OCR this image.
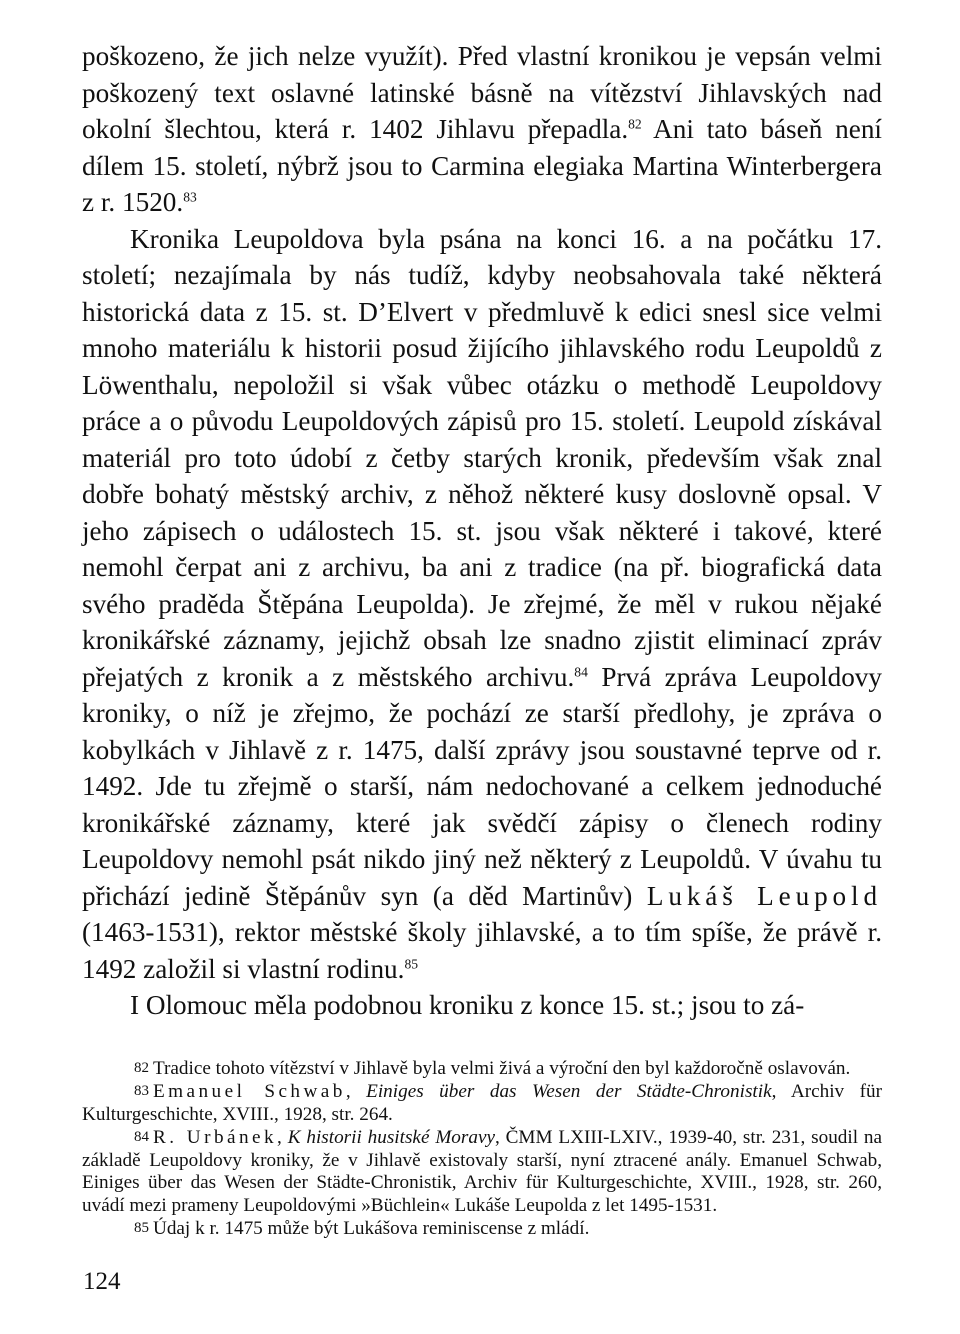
poškozeno, že jich nelze využít). Před vlastní kronikou je vepsán velmi poškozený text oslavné latinské básně na vítězství Jihlavských nad okolní šlechtou, která r. 1402 Jihlavu přepadla.$^{82}$ Ani tato báseň není dílem 15. století, nýbrž jsou to Carmina elegiaka Martina Winterbergera z r. 1520.83

Kronika Leupoldova byla psána na konci 16. a na počátku 17. století; nezajímala by nás tudíž, kdyby neobsahovala také některá historická data z 15. st. D’Elvert v předmluvě k edici snesl sice velmi mnoho materiálu k historii posud žijícího jihlavského rodu Leupoldů z Löwenthalu, nepoložil si však vůbec otázku o methodě Leupoldovy práce a o původu Leupoldových zápisů pro 15. století. Leupold získával materiál pro toto údobí z četby starých kronik, především však znal dobře bohatý městský archiv, z něhož některé kusy doslovně opsal. V jeho zápisech o událostech 15. st. jsou však některé i takové, které nemohl čerpat ani z archivu, ba ani z tradice (na př. biografická data svého praděda Štěpána Leupolda). Je zřejmé, že měl v rukou nějaké kronikářské záznamy, jejichž obsah lze snadno zjistit eliminací zpráv přejatých z kronik a z městského archivu.$^{84}$ Prvá zpráva Leupoldovy kroniky, o níž je zřejmo, že pochází ze starší předlohy, je zpráva o kobylkách v Jihlavě z r. 1475, další zprávy jsou soustavné teprve od r. 1492. Jde tu zřejmě o starší, nám nedochované a celkem jednoduché kronikářské záznamy, které jak svědčí zápisy o členech rodiny Leupoldovy nemohl psát nikdo jiný než některý z Leupoldů. V úvahu tu přichází jedině Štěpánův syn (a děd Martinův) Lukáš Leupold (1463-1531), rektor městské školy jihlavské, a to tím spíše, že právě r. 1492 založil si vlastní rodinu.$^{85}$

I Olomouc měla podobnou kroniku z konce 15. st.; jsou to zá-

82 Tradice tohoto vítězství v Jihlavě byla velmi živá a výroční den byl každoročně oslavován.

83 Emanuel Schwab, Einiges über das Wesen der Städte-Chronistik, Archiv für Kulturgeschichte, XVIII., 1928, str. 264.

84 R. Urbánek, K historii husitské Moravy, ČMM LXIII-LXIV., 1939-40, str. 231, soudil na základě Leupoldovy kroniky, že v Jihlavě existovaly starší, nyní ztracené anály. Emanuel Schwab, Einiges über das Wesen der Städte-Chronistik, Archiv für Kulturgeschichte, XVIII., 1928, str. 260, uvádí mezi prameny Leupoldovými »Büchlein« Lukáše Leupolda z let 1495-1531.

85 Údaj k r. 1475 může být Lukášova reminiscense z mládí.

124
